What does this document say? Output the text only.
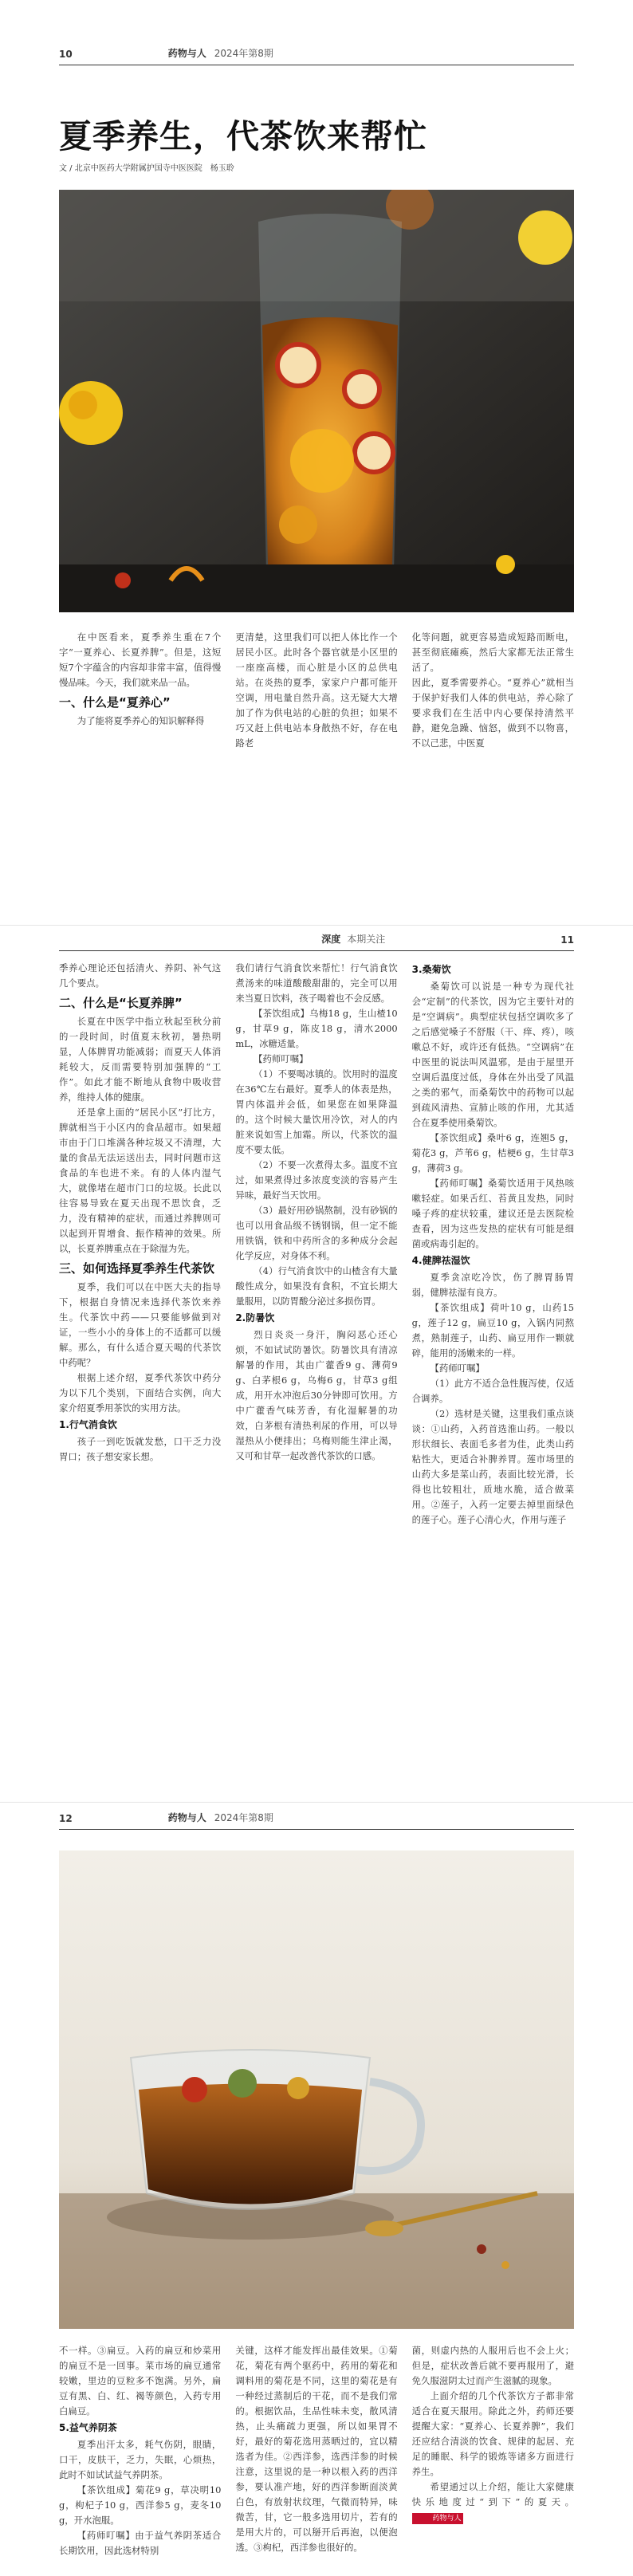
10	药物与人 2024年第8期
夏季养生，代茶饮来帮忙
文 / 北京中医药大学附属护国寺中医医院　杨玉聆

在中医看来，夏季养生重在7个字“一夏养心、长夏养脾”。但是，这短短7个字蕴含的内容却非常丰富，值得慢慢品味。今天，我们就来品一品。

一、什么是“夏养心”

为了能将夏季养心的知识解释得

更清楚，这里我们可以把人体比作一个居民小区。此时各个器官就是小区里的一座座高楼，而心脏是小区的总供电站。在炎热的夏季，家家户户都可能开空调，用电量自然升高。这无疑大大增加了作为供电站的心脏的负担；如果不巧又赶上供电站本身散热不好，存在电路老

化等问题，就更容易造成短路而断电，甚至彻底瘫痪，然后大家都无法正常生活了。
因此，夏季需要养心。“夏养心”就相当于保护好我们人体的供电站，养心除了要求我们在生活中内心要保持清然平静，避免急躁、恼怒，做到不以物喜，不以己悲，中医夏

深度 本期关注	11

季养心理论还包括清火、养阴、补气这几个要点。

二、什么是“长夏养脾”

长夏在中医学中指立秋起至秋分前的一段时间，时值夏末秋初，暑热明显，人体脾胃功能减弱；而夏天人体消耗较大，反而需要特别加强脾的“工作”。如此才能不断地从食物中吸收营养，维持人体的健康。

还是拿上面的“居民小区”打比方，脾就相当于小区内的食品超市。如果超市由于门口堆满各种垃圾又不清理，大量的食品无法运送出去，同时问题市这食品的车也进不来。有的人体内湿气大，就像堵在超市门口的垃圾。长此以往容易导致在夏天出现不思饮食，乏力，没有精神的症状，而通过养脾则可以起到开胃增食、振作精神的效果。所以，长夏养脾重点在于除湿为先。

三、如何选择夏季养生代茶饮

夏季，我们可以在中医大夫的指导下，根据自身情况来选择代茶饮来养生。代茶饮中药——只要能够做到对证，一些小小的身体上的不适都可以缓解。那么，有什么适合夏天喝的代茶饮中药呢？

根据上述介绍，夏季代茶饮中药分为以下几个类别，下面结合实例，向大家介绍夏季用茶饮的实用方法。

1.行气消食饮

孩子一到吃饭就发愁，口干乏力没胃口；孩子想安家长想。

我们请行气消食饮来帮忙！行气消食饮煮汤来的味道酸酸甜甜的，完全可以用来当夏日饮料，孩子喝着也不会反感。

【茶饮组成】乌梅18 g，生山楂10 g，甘草9 g，陈皮18 g，清水2000 mL，冰糖适量。

【药师叮嘱】

（1）不要喝冰镇的。饮用时的温度在36℃左右最好。夏季人的体表是热，胃内体温并会低，如果您在如果降温的。这个时候大量饮用冷饮，对人的内脏来说如雪上加霜。所以，代茶饮的温度不要太低。

（2）不要一次煮得太多。温度不宜过，如果煮得过多浓度变淡的容易产生异味，最好当天饮用。

（3）最好用砂锅熬制，没有砂锅的也可以用食品级不锈钢锅，但一定不能用铁锅，铁和中药所含的多种成分会起化学反应，对身体不利。

（4）行气消食饮中的山楂含有大量酸性成分，如果没有食积，不宜长期大量服用，以防胃酸分泌过多损伤胃。

2.防暑饮

烈日炎炎一身汗，胸闷恶心还心烦，不如试试防暑饮。防暑饮具有清凉解暑的作用，其由广藿香9 g、薄荷9 g、白茅根6 g，乌梅6 g，甘草3 g组成，用开水冲泡后30分钟即可饮用。方中广藿香气味芳香，有化湿解暑的功效，白茅根有清热利尿的作用，可以导湿热从小便排出；乌梅则能生津止渴，又可和甘草一起改善代茶饮的口感。

3.桑菊饮

桑菊饮可以说是一种专为现代社会“定制”的代茶饮，因为它主要针对的是“空调病”。典型症状包括空调吹多了之后感觉嗓子不舒服（干、痒、疼），咳嗽总不好，或许还有低热。“空调病”在中医里的说法叫风温邪，是由于屋里开空调后温度过低，身体在外出受了风温之类的邪气，而桑菊饮中的药物可以起到疏风清热、宣肺止咳的作用，尤其适合在夏季使用桑菊饮。

【茶饮组成】桑叶6 g，连翘5 g，菊花3 g，芦苇6 g，桔梗6 g，生甘草3 g，薄荷3 g。

【药师叮嘱】桑菊饮适用于风热咳嗽轻症。如果舌红、苔黄且发热，同时嗓子疼的症状较重，建议还是去医院检查看，因为这些发热的症状有可能是细菌或病毒引起的。

4.健脾祛湿饮

夏季贪凉吃冷饮，伤了脾胃肠胃弱，健脾祛湿有良方。

【茶饮组成】荷叶10 g，山药15 g，莲子12 g，扁豆10 g，入锅内同熬煮，熟制莲子，山药、扁豆用作一颗就碎，能用的汤嫩来的一样。

【药师叮嘱】

（1）此方不适合急性腹泻使，仅适合调养。

（2）选材是关键，这里我们重点谈谈：①山药，入药首选淮山药。一般以形状细长、表面毛多者为佳，此类山药粘性大，更适合补脾养胃。莲市场里的山药大多是菜山药，表面比较光滑，长得也比较粗壮，质地水脆，适合做菜用。②莲子，入药一定要去掉里面绿色的莲子心。莲子心清心火，作用与莲子

12	药物与人 2024年第8期

不一样。③扁豆。入药的扁豆和炒菜用的扁豆不是一回事。菜市场的扁豆通常较嫩，里边的豆粒多不饱满。另外，扁豆有黑、白、红、褐等颜色，入药专用白扁豆。

5.益气养阴茶

夏季出汗太多，耗气伤阴，眼睛，口干，皮肤干，乏力，失眠，心烦热，此时不如试试益气养阴茶。

【茶饮组成】菊花9 g，草决明10 g，枸杞子10 g，西洋参5 g，麦冬10 g，开水泡服。

【药师叮嘱】由于益气养阴茶适合长期饮用，因此选材特别

关键，这样才能发挥出最佳效果。①菊花，菊花有两个驱药中，药用的菊花和调料用的菊花是不同，这里的菊花是有一种经过蒸制后的干花，而不是我们常的。根据饮品，生品性味未变，散风清热，止头痛疏力更强，所以如果胃不好，最好的菊花选用蒸晒过的，宜以精选者为佳。②西洋参，选西洋参的时候注意，这里说的是一种以根入药的西洋参，要认准产地，好的西洋参断面淡黄白色，有放射状纹理，气微而特异，味微苦，甘，它一般多选用切片，若有的是用大片的，可以掰开后再泡，以便泡透。③枸杞，西洋参也很好的。

菌，则虚内热的人服用后也不会上火；但是，症状改善后就不要再服用了，避免久服滋阴太过而产生滋腻的现象。

上面介绍的几个代茶饮方子都非常适合在夏天服用。除此之外，药师还要提醒大家：“夏养心、长夏养脾”，我们还应结合清淡的饮食、规律的起居、充足的睡眠、科学的锻炼等诸多方面进行养生。

希望通过以上介绍，能让大家健康快乐地度过“到下”的夏天。 药物与人
